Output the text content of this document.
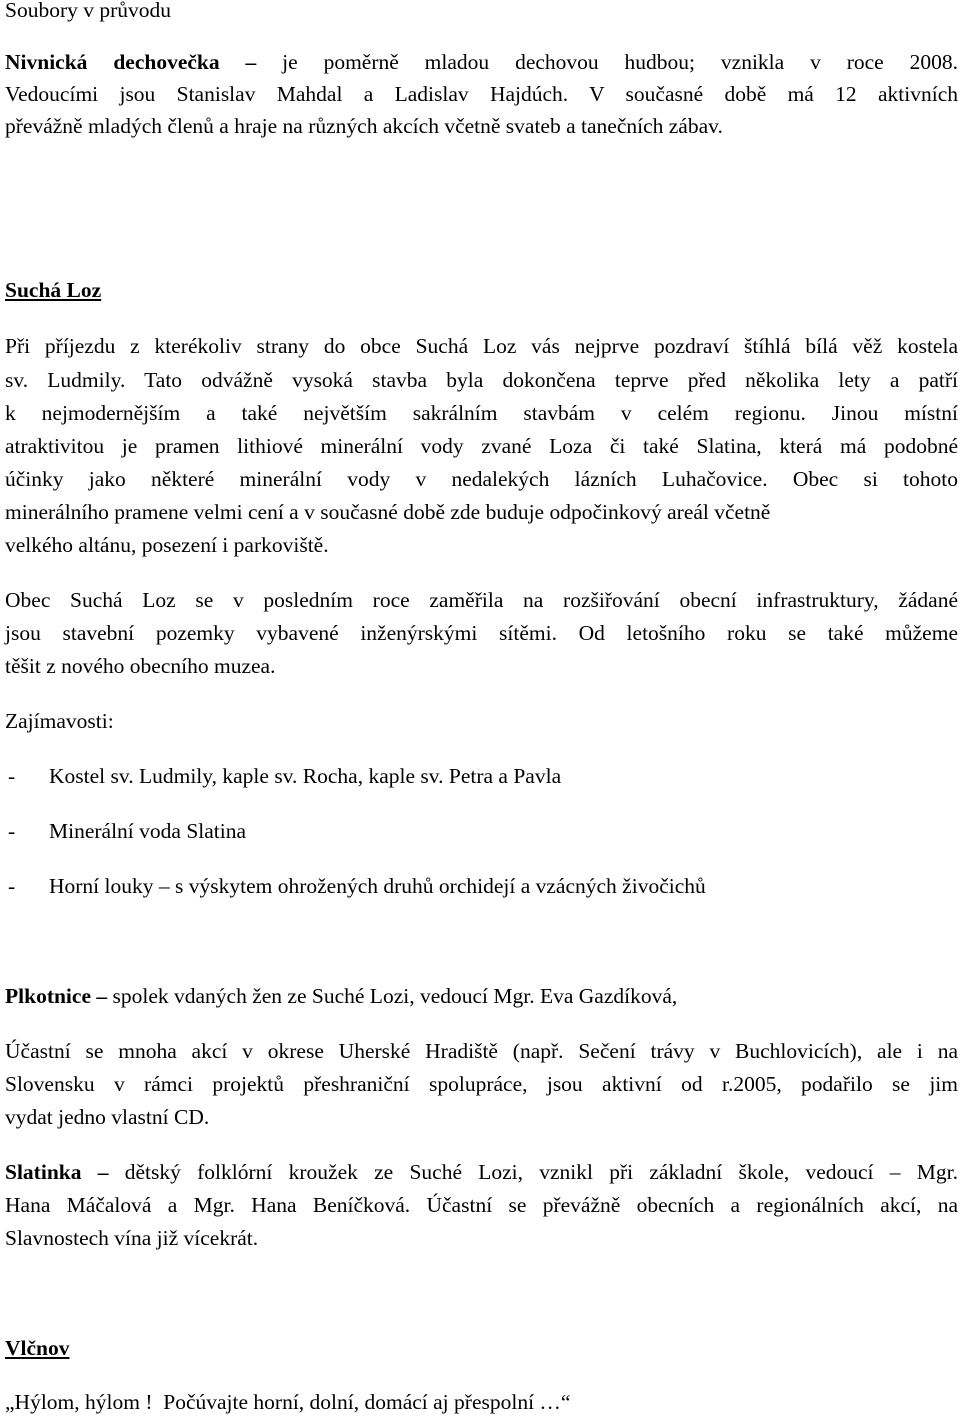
Soubory v průvodu
Nivnická dechovečka – je poměrně mladou dechovou hudbou; vznikla v roce 2008.
Vedoucími jsou Stanislav Mahdal a Ladislav Hajdúch. V současné době má 12 aktivních
převážně mladých členů a hraje na různých akcích včetně svateb a tanečních zábav.
Suchá Loz
Při příjezdu z kterékoliv strany do obce Suchá Loz vás nejprve pozdraví štíhlá bílá věž kostela
sv. Ludmily. Tato odvážně vysoká stavba byla dokončena teprve před několika lety a patří
k nejmodernějším a také největším sakrálním stavbám v celém regionu. Jinou místní
atraktivitou je pramen lithiové minerální vody zvané Loza či také Slatina, která má podobné
účinky jako některé minerální vody v nedalekých lázních Luhačovice. Obec si tohoto
minerálního pramene velmi cení a v současné době zde buduje odpočinkový areál včetně
velkého altánu, posezení i parkoviště.
Obec Suchá Loz se v posledním roce zaměřila na rozšiřování obecní infrastruktury, žádané
jsou stavební pozemky vybavené inženýrskými sítěmi. Od letošního roku se také můžeme
těšit z nového obecního muzea.
Zajímavosti:
- Kostel sv. Ludmily, kaple sv. Rocha, kaple sv. Petra a Pavla
- Minerální voda Slatina
- Horní louky – s výskytem ohrožených druhů orchidejí a vzácných živočichů
Plkotnice – spolek vdaných žen ze Suché Lozi, vedoucí Mgr. Eva Gazdíková,
Účastní se mnoha akcí v okrese Uherské Hradiště (např. Sečení trávy v Buchlovicích), ale i na
Slovensku v rámci projektů přeshraniční spolupráce, jsou aktivní od r.2005, podařilo se jim
vydat jedno vlastní CD.
Slatinka – dětský folklórní kroužek ze Suché Lozi, vznikl při základní škole, vedoucí – Mgr.
Hana Máčalová a Mgr. Hana Beníčková. Účastní se převážně obecních a regionálních akcí, na
Slavnostech vína již vícekrát.
Vlčnov
„Hýlom, hýlom !  Počúvajte horní, dolní, domácí aj přespolní …“
